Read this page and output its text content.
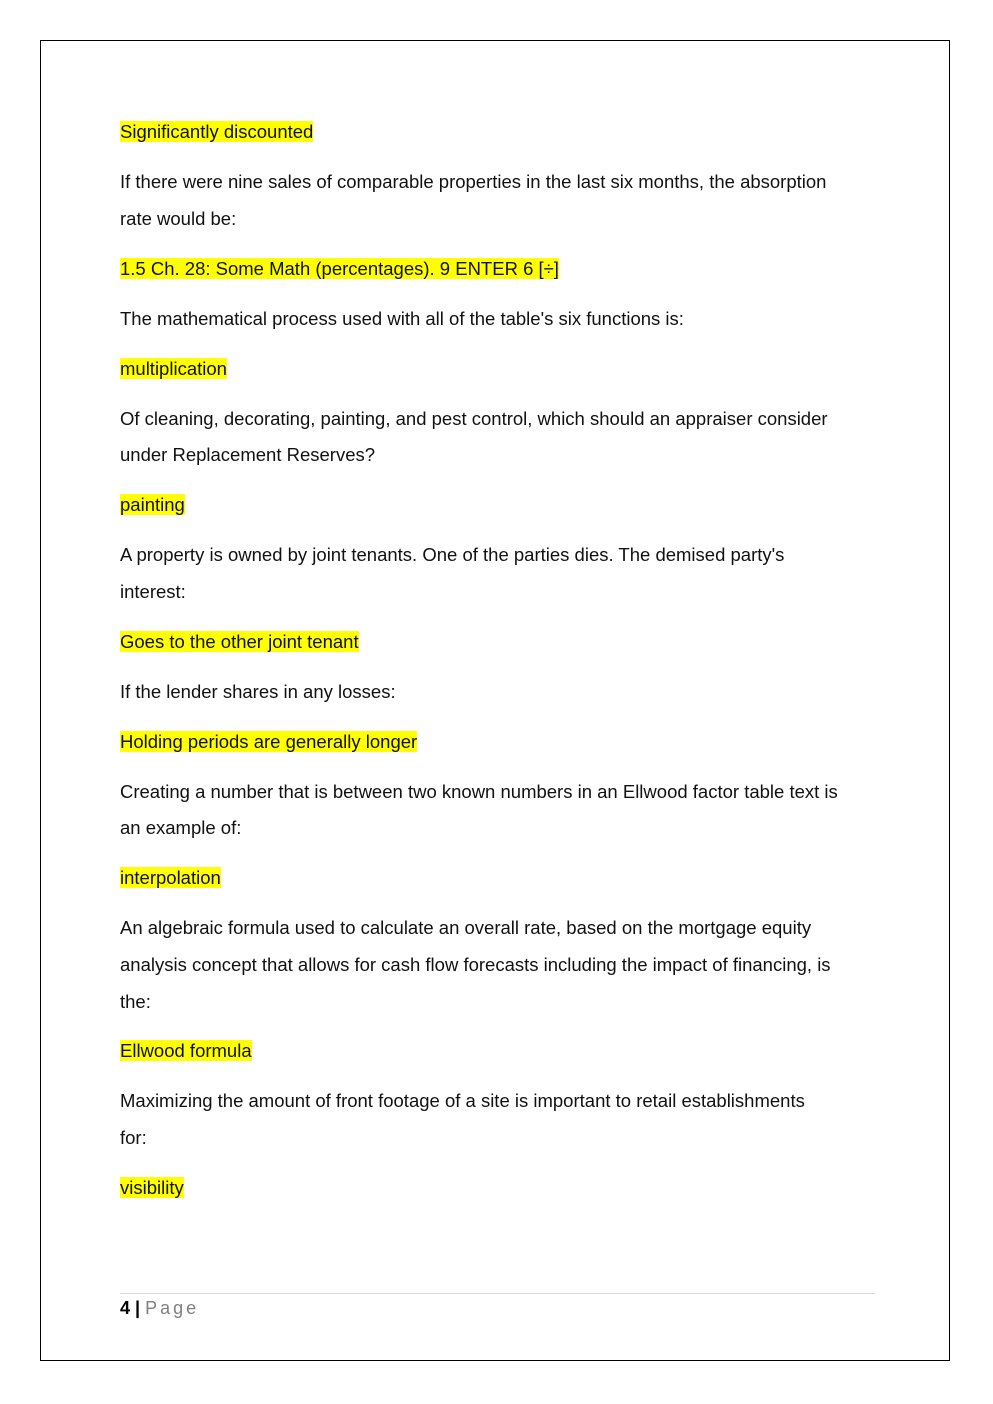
Significantly discounted
If there were nine sales of comparable properties in the last six months, the absorption
rate would be:
1.5 Ch. 28: Some Math (percentages). 9 ENTER 6 [÷]
The mathematical process used with all of the table's six functions is:
multiplication
Of cleaning, decorating, painting, and pest control, which should an appraiser consider
under Replacement Reserves?
painting
A property is owned by joint tenants. One of the parties dies. The demised party's
interest:
Goes to the other joint tenant
If the lender shares in any losses:
Holding periods are generally longer
Creating a number that is between two known numbers in an Ellwood factor table text is
an example of:
interpolation
An algebraic formula used to calculate an overall rate, based on the mortgage equity
analysis concept that allows for cash flow forecasts including the impact of financing, is
the:
Ellwood formula
Maximizing the amount of front footage of a site is important to retail establishments
for:
visibility
4 | Page
